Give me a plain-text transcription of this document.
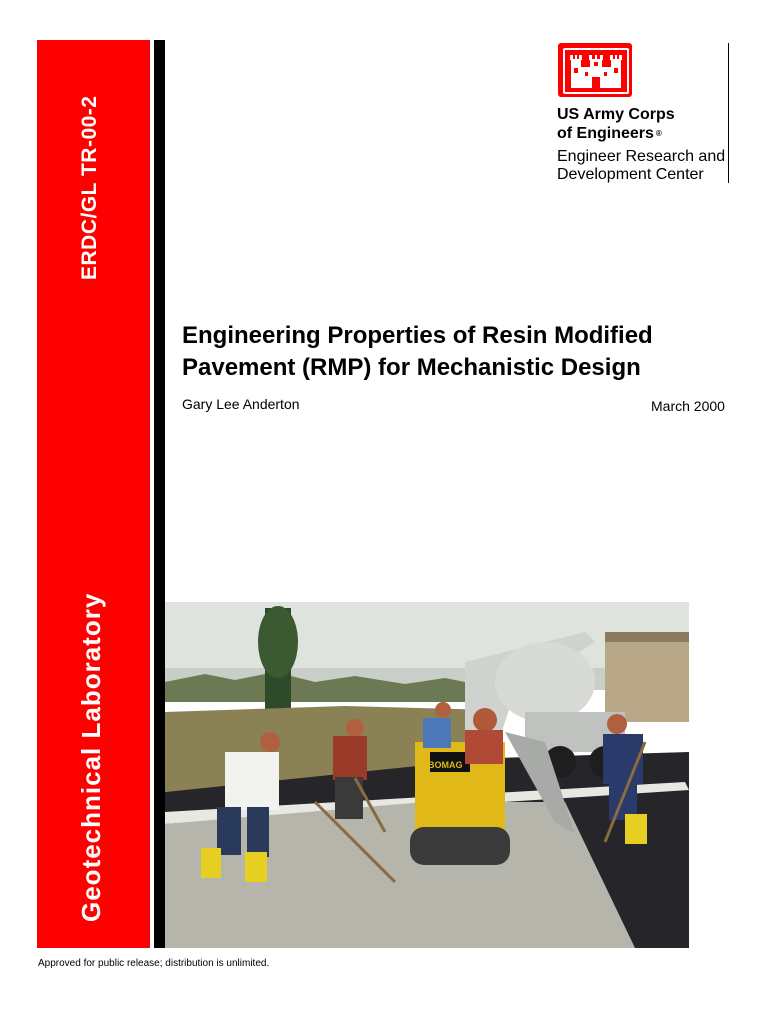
ERDC/GL TR-00-2
Geotechnical Laboratory
US Army Corps
of Engineers ®
Engineer Research and
Development Center
Engineering Properties of Resin Modified
Pavement (RMP) for Mechanistic Design
Gary Lee Anderton	March 2000
BOMAG
Approved for public release; distribution is unlimited.
